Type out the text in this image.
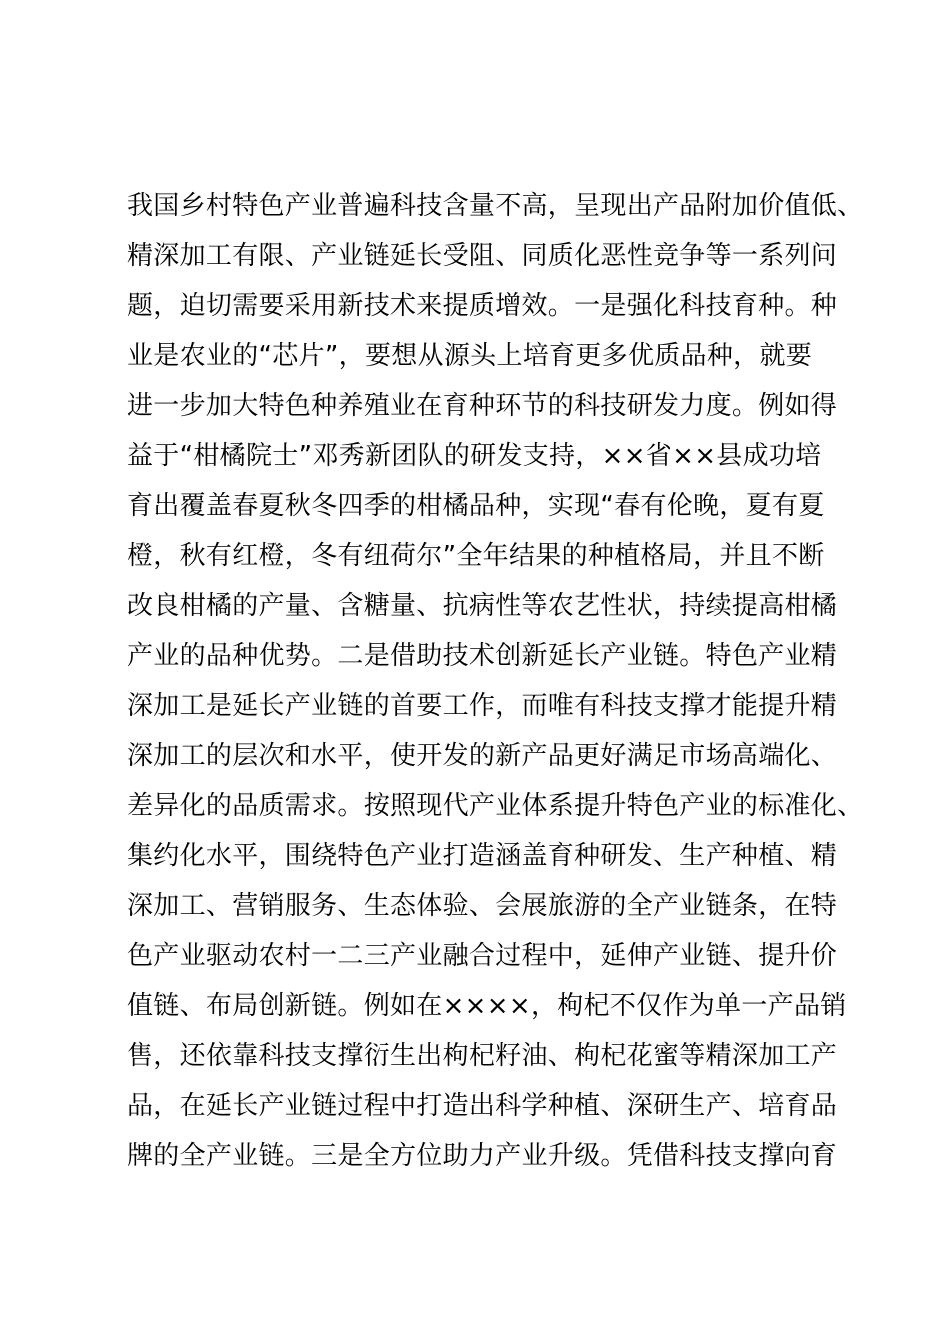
我国乡村特色产业普遍科技含量不高，呈现出产品附加价值低、
精深加工有限、产业链延长受阻、同质化恶性竞争等一系列问
题，迫切需要采用新技术来提质增效。一是强化科技育种。种
业是农业的“芯片”，要想从源头上培育更多优质品种，就要
进一步加大特色种养殖业在育种环节的科技研发力度。例如得
益于“柑橘院士”邓秀新团队的研发支持，××省××县成功培
育出覆盖春夏秋冬四季的柑橘品种，实现“春有伦晚，夏有夏
橙，秋有红橙，冬有纽荷尔”全年结果的种植格局，并且不断
改良柑橘的产量、含糖量、抗病性等农艺性状，持续提高柑橘
产业的品种优势。二是借助技术创新延长产业链。特色产业精
深加工是延长产业链的首要工作，而唯有科技支撑才能提升精
深加工的层次和水平，使开发的新产品更好满足市场高端化、
差异化的品质需求。按照现代产业体系提升特色产业的标准化、
集约化水平，围绕特色产业打造涵盖育种研发、生产种植、精
深加工、营销服务、生态体验、会展旅游的全产业链条，在特
色产业驱动农村一二三产业融合过程中，延伸产业链、提升价
值链、布局创新链。例如在××××，枸杞不仅作为单一产品销
售，还依靠科技支撑衍生出枸杞籽油、枸杞花蜜等精深加工产
品，在延长产业链过程中打造出科学种植、深研生产、培育品
牌的全产业链。三是全方位助力产业升级。凭借科技支撑向育
